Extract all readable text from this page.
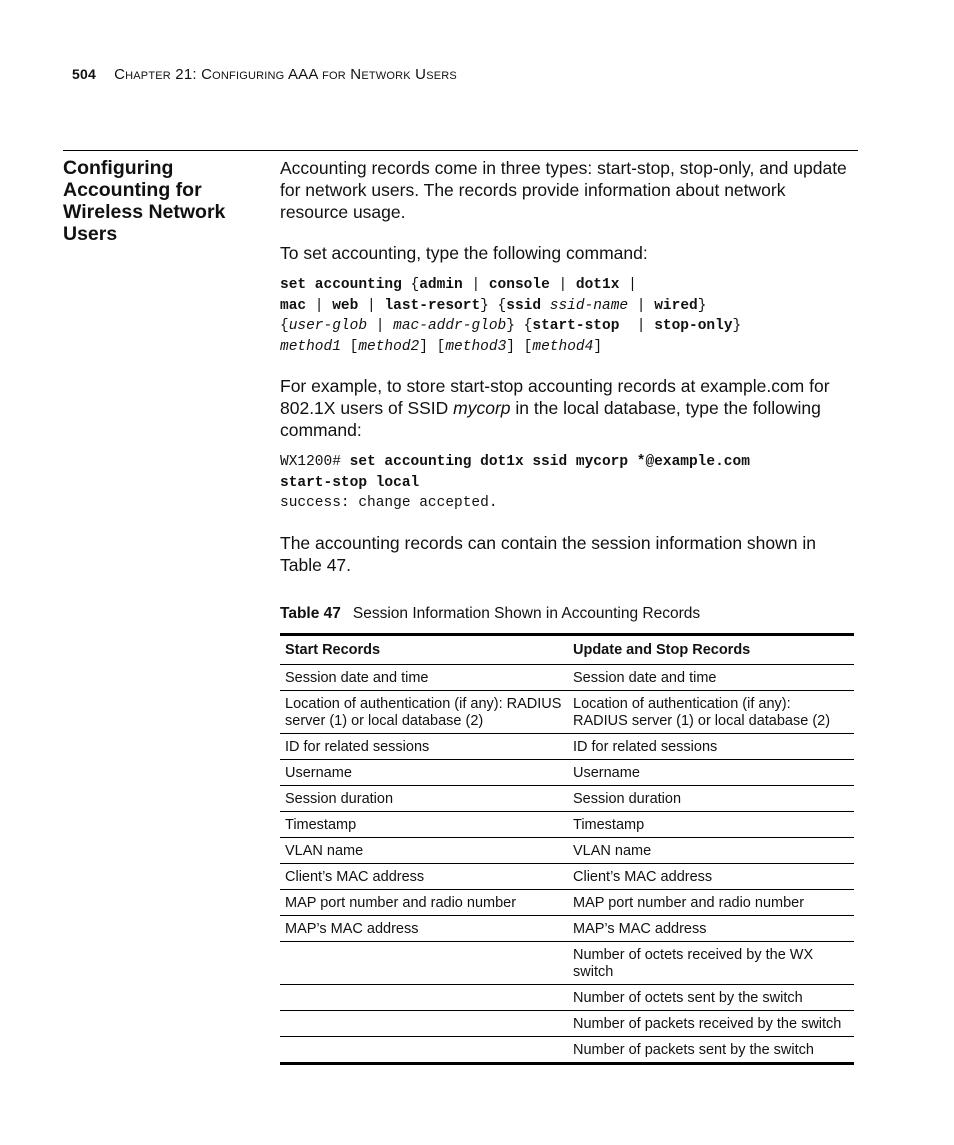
504 Chapter 21: Configuring AAA for Network Users
Configuring Accounting for Wireless Network Users

Accounting records come in three types: start-stop, stop-only, and update for network users. The records provide information about network resource usage.

To set accounting, type the following command:

set accounting {admin | console | dot1x |
mac | web | last-resort} {ssid ssid-name | wired}
{user-glob | mac-addr-glob} {start-stop  | stop-only}
method1 [method2] [method3] [method4]

For example, to store start-stop accounting records at example.com for 802.1X users of SSID mycorp in the local database, type the following command:

WX1200# set accounting dot1x ssid mycorp *@example.com
start-stop local
success: change accepted.

The accounting records can contain the session information shown in Table 47.

Table 47 Session Information Shown in Accounting Records
Start Records	Update and Stop Records
Session date and time	Session date and time
Location of authentication (if any): RADIUS server (1) or local database (2)	Location of authentication (if any): RADIUS server (1) or local database (2)
ID for related sessions	ID for related sessions
Username	Username
Session duration	Session duration
Timestamp	Timestamp
VLAN name	VLAN name
Client’s MAC address	Client’s MAC address
MAP port number and radio number	MAP port number and radio number
MAP’s MAC address	MAP’s MAC address
	Number of octets received by the WX switch
	Number of octets sent by the switch
	Number of packets received by the switch
	Number of packets sent by the switch
